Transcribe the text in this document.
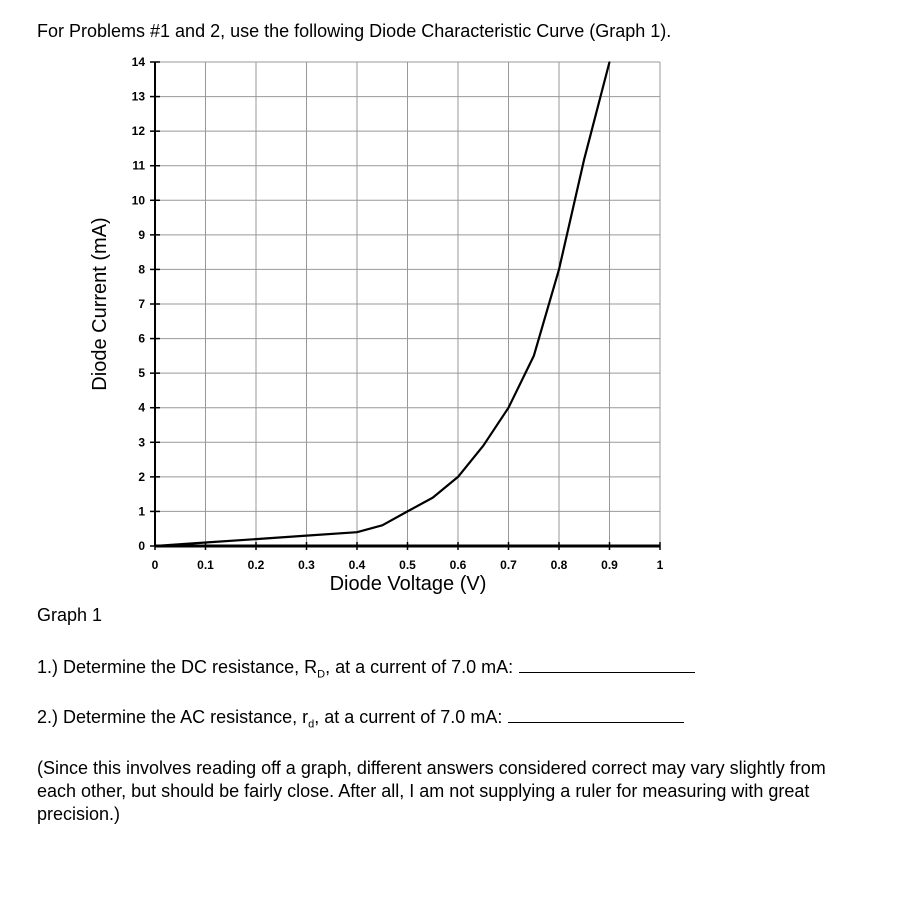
For Problems #1 and 2, use the following Diode Characteristic Curve (Graph 1).
0
1
2
3
4
5
6
7
8
9
10
11
12
13
14
0	0.1	0.2	0.3	0.4	0.5	0.6	0.7	0.8	0.9	1
Diode Voltage (V)
Diode Current (mA)
Graph 1
1.) Determine the DC resistance, $R_D$, at a current of 7.0 mA:
2.) Determine the AC resistance, $r_d$, at a current of 7.0 mA:
(Since this involves reading off a graph, different answers considered correct may vary slightly from each other, but should be fairly close. After all, I am not supplying a ruler for measuring with great precision.)
